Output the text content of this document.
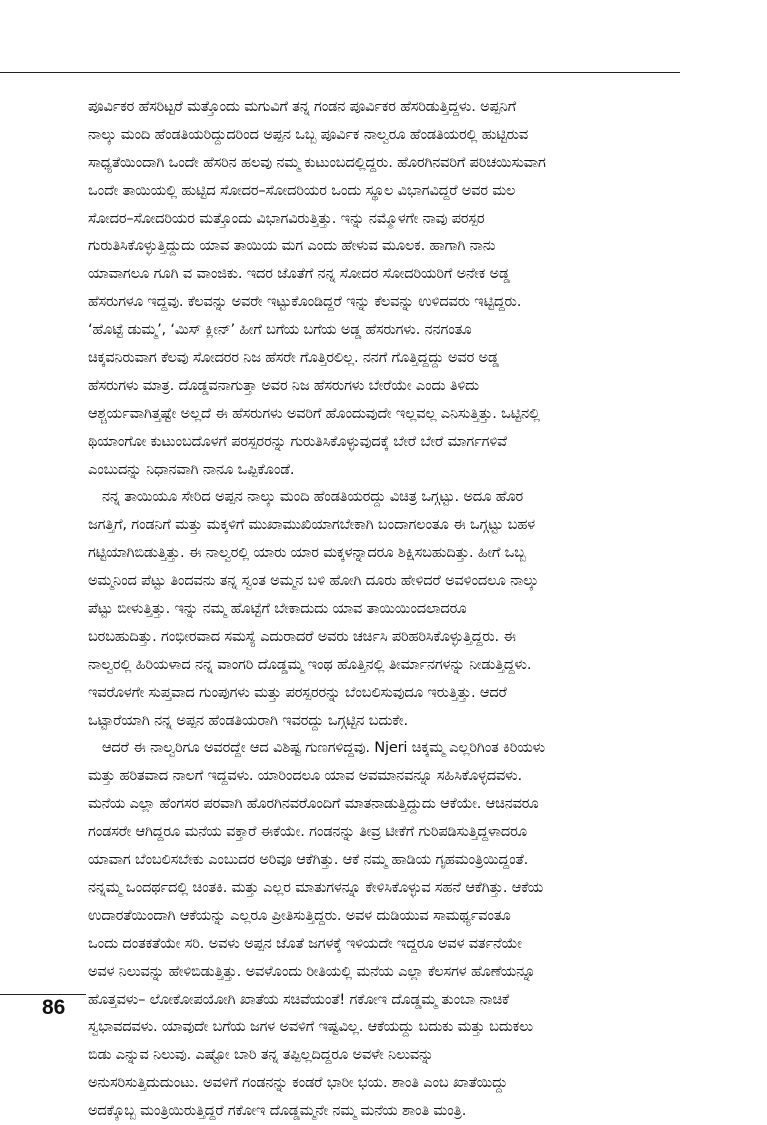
ಪೂರ್ವಿಕರ ಹೆಸರಿಟ್ಟರೆ ಮತ್ತೊಂದು ಮಗುವಿಗೆ ತನ್ನ ಗಂಡನ ಪೂರ್ವಿಕರ ಹೆಸರಿಡುತ್ತಿದ್ದಳು. ಅಪ್ಪನಿಗೆ
ನಾಲ್ಕು ಮಂದಿ ಹೆಂಡತಿಯರಿದ್ದುದರಿಂದ ಅಪ್ಪನ ಒಬ್ಬ ಪೂರ್ವಿಕ ನಾಲ್ವರೂ ಹೆಂಡತಿಯರಲ್ಲಿ ಹುಟ್ಟಿರುವ
ಸಾಧ್ಯತೆಯಿಂದಾಗಿ ಒಂದೇ ಹೆಸರಿನ ಹಲವು ನಮ್ಮ ಕುಟುಂಬದಲ್ಲಿದ್ದರು. ಹೊರಗಿನವರಿಗೆ ಪರಿಚಯಿಸುವಾಗ
ಒಂದೇ ತಾಯಿಯಲ್ಲಿ ಹುಟ್ಟಿದ ಸೋದರ–ಸೋದರಿಯರ ಒಂದು ಸ್ಥೂಲ ವಿಭಾಗವಿದ್ದರೆ ಅವರ ಮಲ
ಸೋದರ–ಸೋದರಿಯರ ಮತ್ತೊಂದು ವಿಭಾಗವಿರುತ್ತಿತ್ತು. ಇನ್ನು ನಮ್ಮೊಳಗೇ ನಾವು ಪರಸ್ಪರ
ಗುರುತಿಸಿಕೊಳ್ಳುತ್ತಿದ್ದುದು ಯಾವ ತಾಯಿಯ ಮಗ ಎಂದು ಹೇಳುವ ಮೂಲಕ. ಹಾಗಾಗಿ ನಾನು
ಯಾವಾಗಲೂ ಗೂಗಿ ವ ವಾಂಜಿಕು. ಇದರ ಜೊತೆಗೆ ನನ್ನ ಸೋದರ ಸೋದರಿಯರಿಗೆ ಅನೇಕ ಅಡ್ಡ
ಹೆಸರುಗಳೂ ಇದ್ದವು. ಕೆಲವನ್ನು ಅವರೇ ಇಟ್ಟುಕೊಂಡಿದ್ದರೆ ಇನ್ನು ಕೆಲವನ್ನು ಉಳಿದವರು ಇಟ್ಟಿದ್ದರು.
‘ಹೊಟ್ಟೆ ಡುಮ್ಮ’, ‘ಮಿಸ್ ಕ್ಲೀನ್’ ಹೀಗೆ ಬಗೆಯ ಬಗೆಯ ಅಡ್ಡ ಹೆಸರುಗಳು. ನನಗಂತೂ
ಚಿಕ್ಕವನಿರುವಾಗ ಕೆಲವು ಸೋದರರ ನಿಜ ಹೆಸರೇ ಗೊತ್ತಿರಲಿಲ್ಲ. ನನಗೆ ಗೊತ್ತಿದ್ದದ್ದು ಅವರ ಅಡ್ಡ
ಹೆಸರುಗಳು ಮಾತ್ರ. ದೊಡ್ಡವನಾಗುತ್ತಾ ಅವರ ನಿಜ ಹೆಸರುಗಳು ಬೇರೆಯೇ ಎಂದು ತಿಳಿದು
ಆಶ್ಚರ್ಯವಾಗಿತ್ತಷ್ಟೇ ಅಲ್ಲದೆ ಈ ಹೆಸರುಗಳು ಅವರಿಗೆ ಹೊಂದುವುದೇ ಇಲ್ಲವಲ್ಲ ಎನಿಸುತ್ತಿತ್ತು. ಒಟ್ಟಿನಲ್ಲಿ
ಥಿಯಾಂಗೋ ಕುಟುಂಬದೊಳಗೆ ಪರಸ್ಪರರನ್ನು ಗುರುತಿಸಿಕೊಳ್ಳುವುದಕ್ಕೆ ಬೇರೆ ಬೇರೆ ಮಾರ್ಗಗಳಿವೆ
ಎಂಬುದನ್ನು ನಿಧಾನವಾಗಿ ನಾನೂ ಒಪ್ಪಿಕೊಂಡೆ.
ನನ್ನ ತಾಯಿಯೂ ಸೇರಿದ ಅಪ್ಪನ ನಾಲ್ಕು ಮಂದಿ ಹೆಂಡತಿಯರದ್ದು ವಿಚಿತ್ರ ಒಗ್ಗಟ್ಟು. ಅದೂ ಹೊರ
ಜಗತ್ತಿಗೆ, ಗಂಡನಿಗೆ ಮತ್ತು ಮಕ್ಕಳಿಗೆ ಮುಖಾಮುಖಿಯಾಗಬೇಕಾಗಿ ಬಂದಾಗಲಂತೂ ಈ ಒಗ್ಗಟ್ಟು ಬಹಳ
ಗಟ್ಟಿಯಾಗಿಬಿಡುತ್ತಿತ್ತು. ಈ ನಾಲ್ವರಲ್ಲಿ ಯಾರು ಯಾರ ಮಕ್ಕಳನ್ನಾದರೂ ಶಿಕ್ಷಿಸಬಹುದಿತ್ತು. ಹೀಗೆ ಒಬ್ಬ
ಅಮ್ಮನಿಂದ ಪೆಟ್ಟು ತಿಂದವನು ತನ್ನ ಸ್ವಂತ ಅಮ್ಮನ ಬಳಿ ಹೋಗಿ ದೂರು ಹೇಳಿದರೆ ಅವಳಿಂದಲೂ ನಾಲ್ಕು
ಪೆಟ್ಟು ಬೀಳುತ್ತಿತ್ತು. ಇನ್ನು ನಮ್ಮ ಹೊಟ್ಟೆಗೆ ಬೇಕಾದುದು ಯಾವ ತಾಯಿಯಿಂದಲಾದರೂ
ಬರಬಹುದಿತ್ತು. ಗಂಭೀರವಾದ ಸಮಸ್ಯೆ ಎದುರಾದರೆ ಅವರು ಚರ್ಚಿಸಿ ಪರಿಹರಿಸಿಕೊಳ್ಳುತ್ತಿದ್ದರು. ಈ
ನಾಲ್ವರಲ್ಲಿ ಹಿರಿಯಳಾದ ನನ್ನ ವಾಂಗರಿ ದೊಡ್ಡಮ್ಮ ಇಂಥ ಹೊತ್ತಿನಲ್ಲಿ ತೀರ್ಮಾನಗಳನ್ನು ನೀಡುತ್ತಿದ್ದಳು.
ಇವರೊಳಗೇ ಸುಪ್ತವಾದ ಗುಂಪುಗಳು ಮತ್ತು ಪರಸ್ಪರರನ್ನು ಬೆಂಬಲಿಸುವುದೂ ಇರುತ್ತಿತ್ತು. ಆದರೆ
ಒಟ್ಟಾರೆಯಾಗಿ ನನ್ನ ಅಪ್ಪನ ಹೆಂಡತಿಯರಾಗಿ ಇವರದ್ದು ಒಗ್ಗಟ್ಟಿನ ಬದುಕೇ.
ಆದರೆ ಈ ನಾಲ್ವರಿಗೂ ಅವರದ್ದೇ ಆದ ವಿಶಿಷ್ಟ ಗುಣಗಳಿದ್ದವು. Njeri ಚಿಕ್ಕಮ್ಮ ಎಲ್ಲರಿಗಿಂತ ಕಿರಿಯಳು
ಮತ್ತು ಹರಿತವಾದ ನಾಲಗೆ ಇದ್ದವಳು. ಯಾರಿಂದಲೂ ಯಾವ ಅವಮಾನವನ್ನೂ ಸಹಿಸಿಕೊಳ್ಳದವಳು.
ಮನೆಯ ಎಲ್ಲಾ ಹೆಂಗಸರ ಪರವಾಗಿ ಹೊರಗಿನವರೊಂದಿಗೆ ಮಾತನಾಡುತ್ತಿದ್ದುದು ಆಕೆಯೇ. ಆಚಿನವರೂ
ಗಂಡಸರೇ ಆಗಿದ್ದರೂ ಮನೆಯ ವಕ್ತಾರೆ ಈಕೆಯೇ. ಗಂಡನನ್ನು ತೀವ್ರ ಟೀಕೆಗೆ ಗುರಿಪಡಿಸುತ್ತಿದ್ದಳಾದರೂ
ಯಾವಾಗ ಬೆಂಬಲಿಸಬೇಕು ಎಂಬುದರ ಅರಿವೂ ಆಕೆಗಿತ್ತು. ಆಕೆ ನಮ್ಮ ಹಾಡಿಯ ಗೃಹಮಂತ್ರಿಯಿದ್ದಂತೆ.
ನನ್ನಮ್ಮ ಒಂದರ್ಥದಲ್ಲಿ ಚಿಂತಕಿ. ಮತ್ತು ಎಲ್ಲರ ಮಾತುಗಳನ್ನೂ ಕೇಳಿಸಿಕೊಳ್ಳುವ ಸಹನೆ ಆಕೆಗಿತ್ತು. ಆಕೆಯ
ಉದಾರತೆಯಿಂದಾಗಿ ಆಕೆಯನ್ನು ಎಲ್ಲರೂ ಪ್ರೀತಿಸುತ್ತಿದ್ದರು. ಅವಳ ದುಡಿಯುವ ಸಾಮರ್ಥ್ಯವಂತೂ
ಒಂದು ದಂತಕತೆಯೇ ಸರಿ. ಅವಳು ಅಪ್ಪನ ಜೊತೆ ಜಗಳಕ್ಕೆ ಇಳಿಯದೇ ಇದ್ದರೂ ಅವಳ ವರ್ತನೆಯೇ
ಅವಳ ನಿಲುವನ್ನು ಹೇಳಿಬಿಡುತ್ತಿತ್ತು. ಅವಳೊಂದು ರೀತಿಯಲ್ಲಿ ಮನೆಯ ಎಲ್ಲಾ ಕೆಲಸಗಳ ಹೊಣೆಯನ್ನೂ
ಹೊತ್ತವಳು– ಲೋಕೋಪಯೋಗಿ ಖಾತೆಯ ಸಚಿವೆಯಂತೆ! ಗಕೋಇ ದೊಡ್ಡಮ್ಮ ತುಂಬಾ ನಾಚಿಕೆ
ಸ್ವಭಾವದವಳು. ಯಾವುದೇ ಬಗೆಯ ಜಗಳ ಅವಳಿಗೆ ಇಷ್ಟವಿಲ್ಲ. ಆಕೆಯದ್ದು ಬದುಕು ಮತ್ತು ಬದುಕಲು
ಬಿಡು ಎನ್ನುವ ನಿಲುವು. ಎಷ್ಟೋ ಬಾರಿ ತನ್ನ ತಪ್ಪಿಲ್ಲದಿದ್ದರೂ ಅವಳೇ ನಿಲುವನ್ನು
ಅನುಸರಿಸುತ್ತಿದುದುಂಟು. ಅವಳಿಗೆ ಗಂಡನನ್ನು ಕಂಡರೆ ಭಾರೀ ಭಯ. ಶಾಂತಿ ಎಂಬ ಖಾತೆಯಿದ್ದು
ಅದಕ್ಕೊಬ್ಬ ಮಂತ್ರಿಯಿರುತ್ತಿದ್ದರೆ ಗಕೋಇ ದೊಡ್ಡಮ್ಮನೇ ನಮ್ಮ ಮನೆಯ ಶಾಂತಿ ಮಂತ್ರಿ.
86
